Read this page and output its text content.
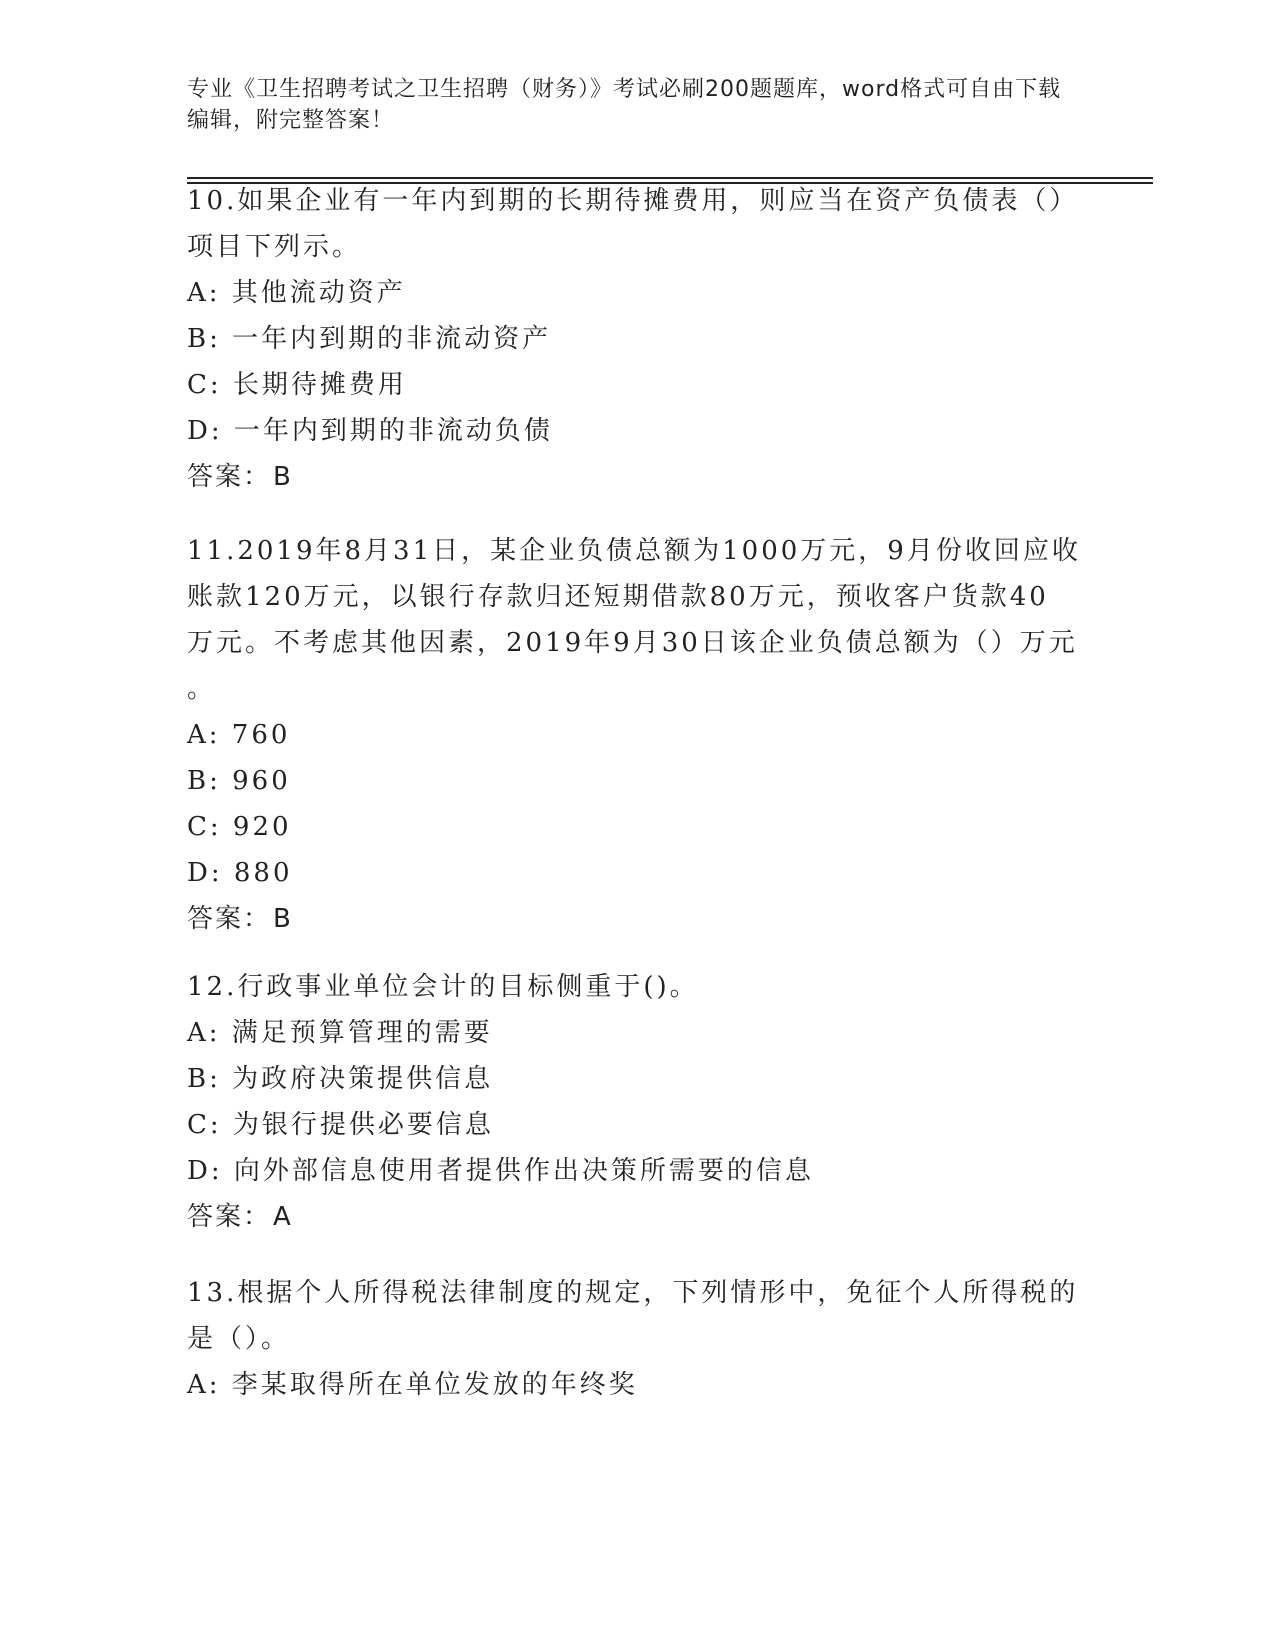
专业《卫生招聘考试之卫生招聘（财务）》考试必刷200题题库，word格式可自由下载编辑，附完整答案！
10.如果企业有一年内到期的长期待摊费用，则应当在资产负债表（）
项目下列示。
A: 其他流动资产
B: 一年内到期的非流动资产
C: 长期待摊费用
D: 一年内到期的非流动负债
答案：B
11.2019年8月31日，某企业负债总额为1000万元，9月份收回应收
账款120万元，以银行存款归还短期借款80万元，预收客户货款40
万元。不考虑其他因素，2019年9月30日该企业负债总额为（）万元
。
A: 760
B: 960
C: 920
D: 880
答案：B
12.行政事业单位会计的目标侧重于()。
A: 满足预算管理的需要
B: 为政府决策提供信息
C: 为银行提供必要信息
D: 向外部信息使用者提供作出决策所需要的信息
答案：A
13.根据个人所得税法律制度的规定，下列情形中，免征个人所得税的
是（）。
A: 李某取得所在单位发放的年终奖
